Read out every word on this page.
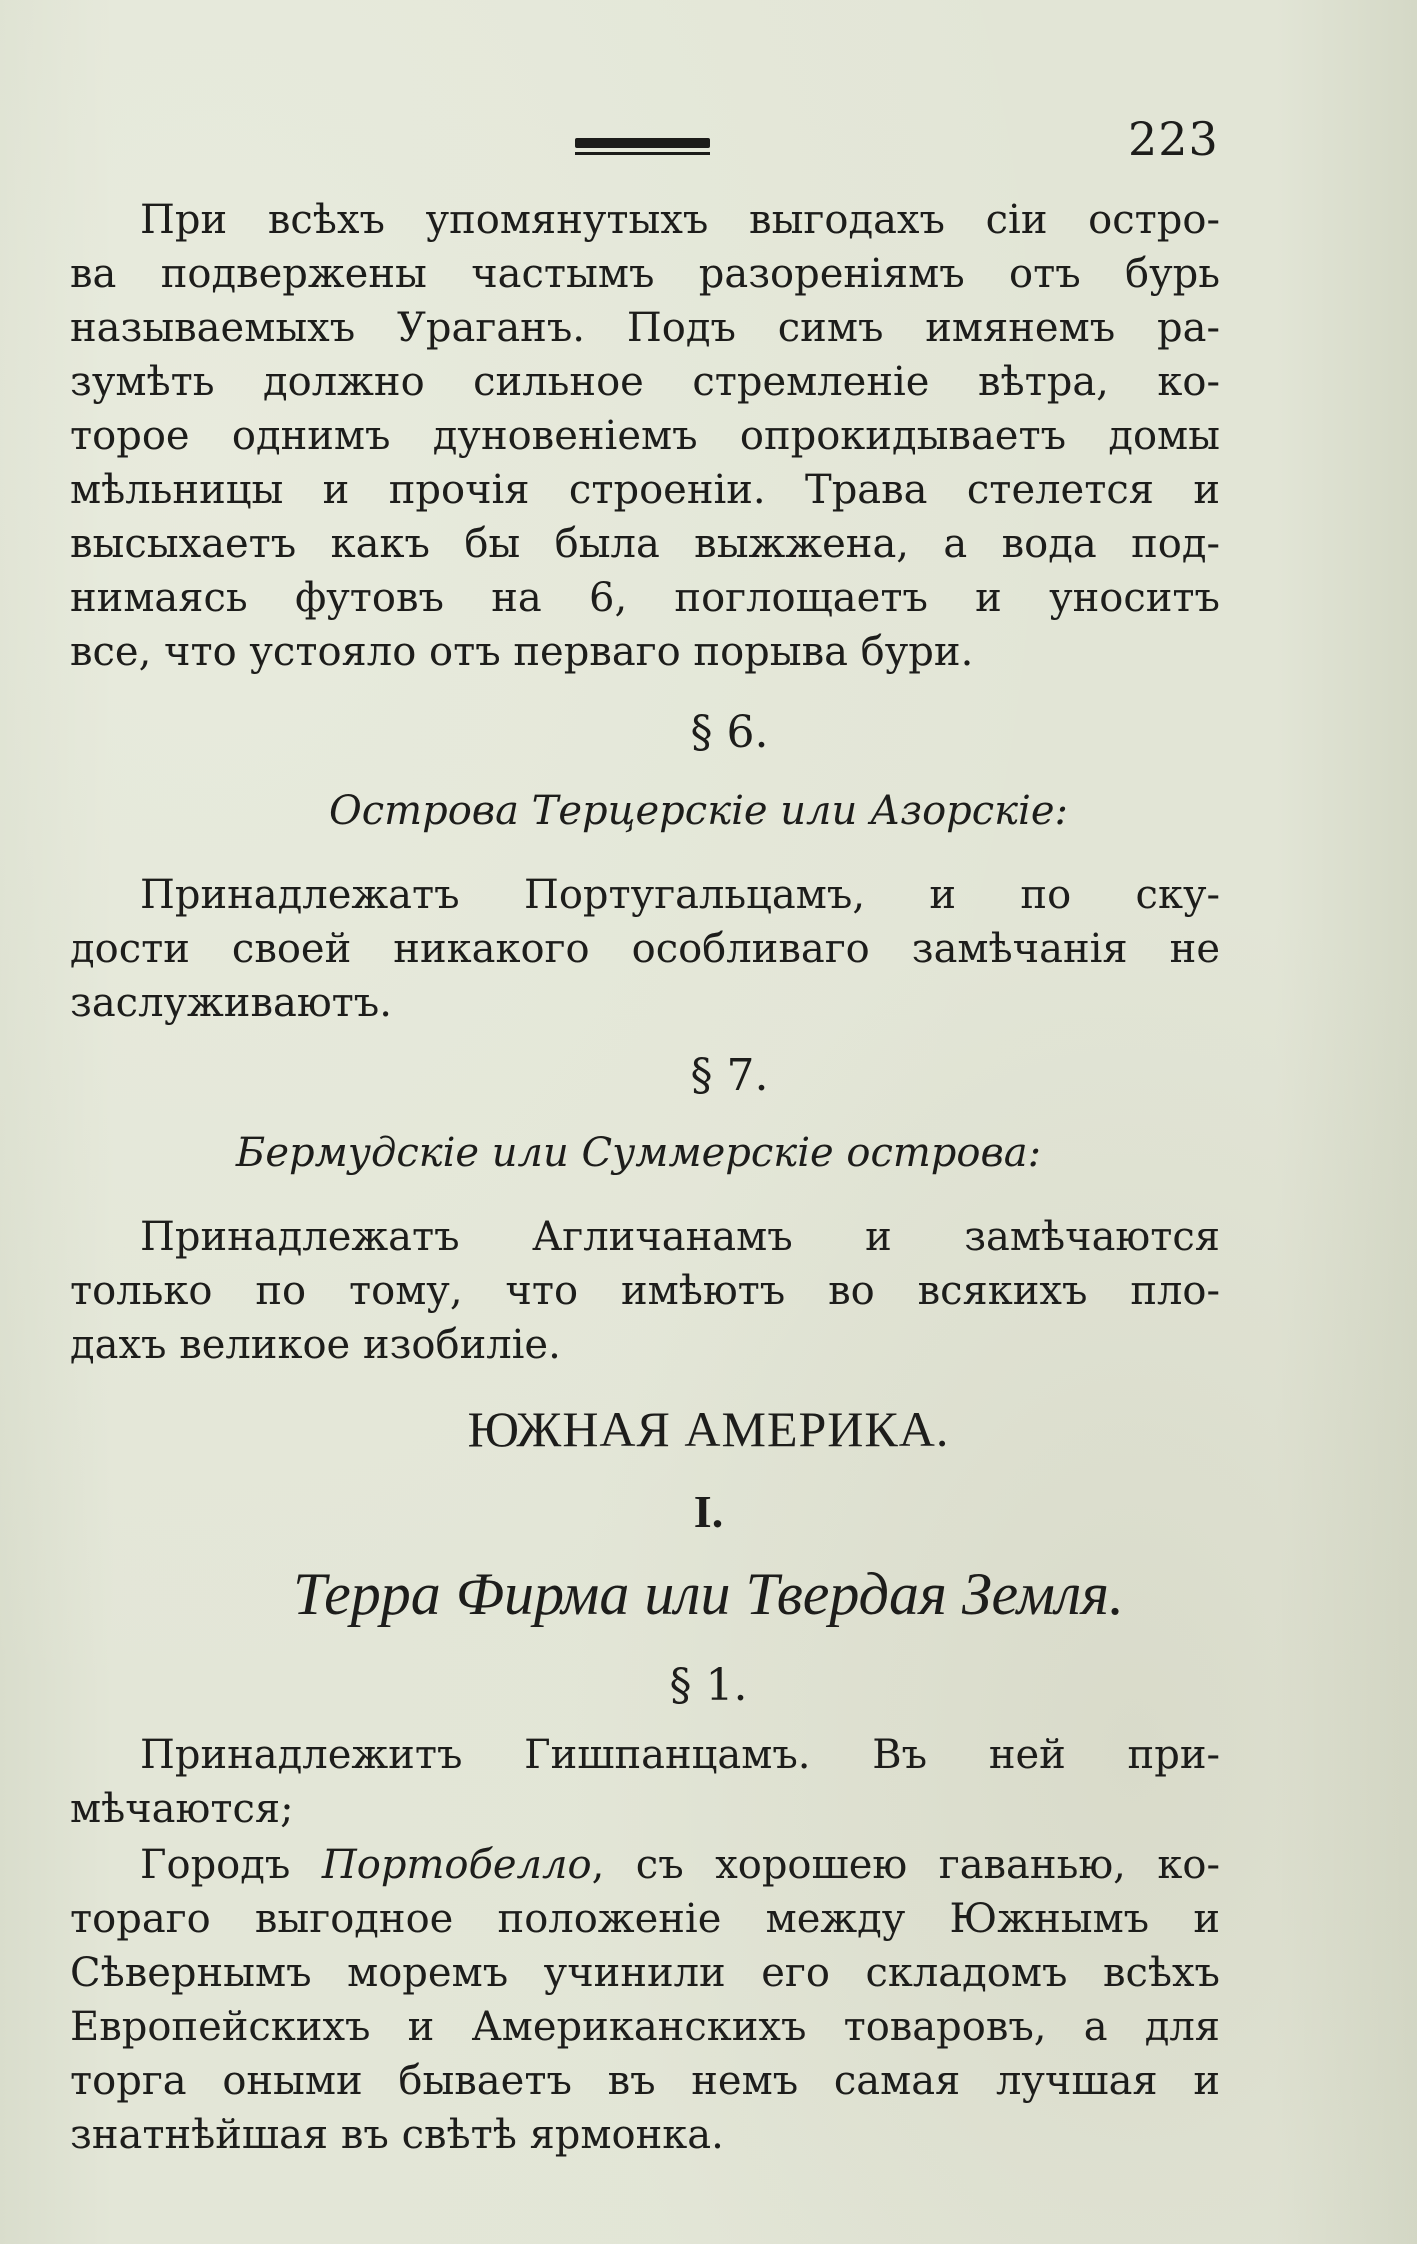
223

При всѣхъ упомянутыхъ выгодахъ сіи остро-

ва подвержены частымъ разореніямъ отъ бурь

называемыхъ Ураганъ. Подъ симъ имянемъ ра-

зумѣть должно сильное стремленіе вѣтра, ко-

торое однимъ дуновеніемъ опрокидываетъ домы

мѣльницы и прочія строеніи. Трава стелется и

высыхаетъ какъ бы была выжжена, а вода под-

нимаясь футовъ на 6, поглощаетъ и уноситъ

все, что устояло отъ перваго порыва бури.

§ 6.
Острова Терцерскіе или Азорскіе:

Принадлежатъ Португальцамъ, и по ску-

дости своей никакого особливаго замѣчанія не

заслуживаютъ.

§ 7.
Бермудскіе или Суммерскіе острова:

Принадлежатъ Агличанамъ и замѣчаются

только по тому, что имѣютъ во всякихъ пло-

дахъ великое изобиліе.

ЮЖНАЯ АМЕРИКА.
I.
Терра Фирма или Твердая Земля.
§ 1.

Принадлежитъ Гишпанцамъ. Въ ней при-

мѣчаются;

Городъ Портобелло, съ хорошею гаванью, ко-

тораго выгодное положеніе между Южнымъ и

Сѣвернымъ моремъ учинили его складомъ всѣхъ

Европейскихъ и Американскихъ товаровъ, а для

торга оными бываетъ въ немъ самая лучшая и

знатнѣйшая въ свѣтѣ ярмонка.
